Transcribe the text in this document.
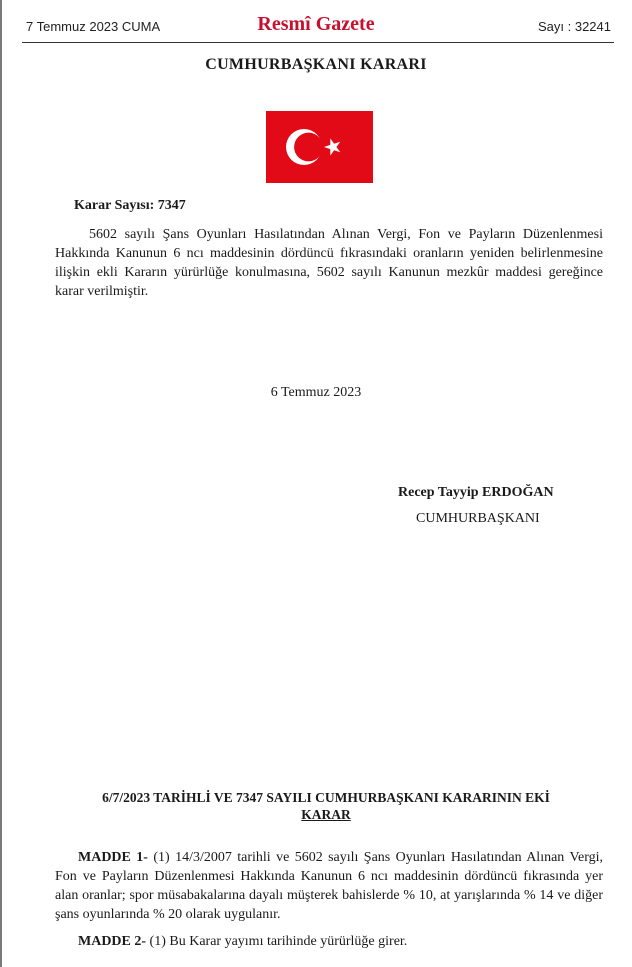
7 Temmuz 2023 CUMA	Resmî Gazete	Sayı : 32241
CUMHURBAŞKANI KARARI
Karar Sayısı: 7347
5602 sayılı Şans Oyunları Hasılatından Alınan Vergi, Fon ve Payların Düzenlenmesi Hakkında Kanunun 6 ncı maddesinin dördüncü fıkrasındaki oranların yeniden belirlenmesine ilişkin ekli Kararın yürürlüğe konulmasına, 5602 sayılı Kanunun mezkûr maddesi gereğince karar verilmiştir.
6 Temmuz 2023
Recep Tayyip ERDOĞAN
CUMHURBAŞKANI
6/7/2023 TARİHLİ VE 7347 SAYILI CUMHURBAŞKANI KARARININ EKİ
KARAR
MADDE 1- (1) 14/3/2007 tarihli ve 5602 sayılı Şans Oyunları Hasılatından Alınan Vergi, Fon ve Payların Düzenlenmesi Hakkında Kanunun 6 ncı maddesinin dördüncü fıkrasında yer alan oranlar; spor müsabakalarına dayalı müşterek bahislerde % 10, at yarışlarında % 14 ve diğer şans oyunlarında % 20 olarak uygulanır.
MADDE 2- (1) Bu Karar yayımı tarihinde yürürlüğe girer.
